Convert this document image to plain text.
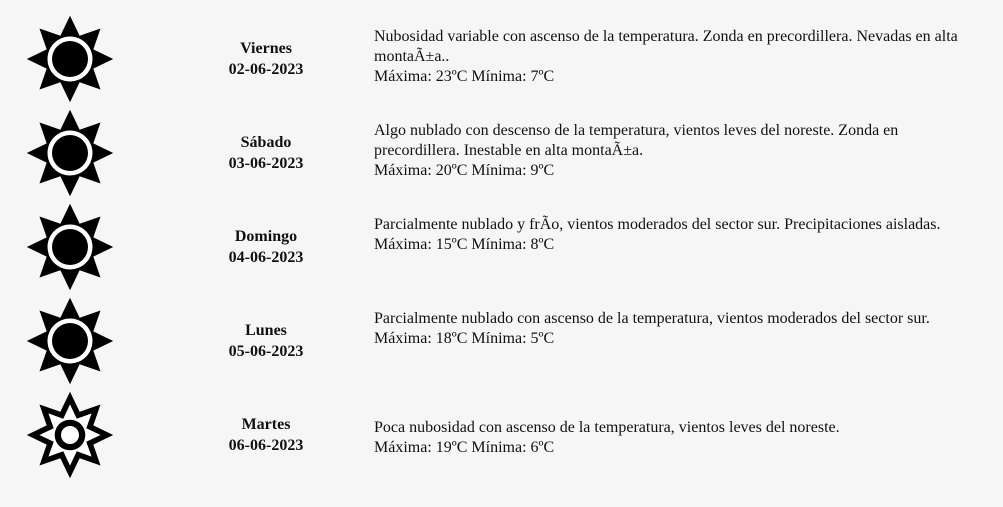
Viernes
02-06-2023
Nubosidad variable con ascenso de la temperatura. Zonda en precordillera. Nevadas en alta montaÃ±a..
Máxima: 23ºC Mínima: 7ºC
Sábado
03-06-2023
Algo nublado con descenso de la temperatura, vientos leves del noreste. Zonda en precordillera. Inestable en alta montaÃ±a.
Máxima: 20ºC Mínima: 9ºC
Domingo
04-06-2023
Parcialmente nublado y frÃo, vientos moderados del sector sur. Precipitaciones aisladas.
Máxima: 15ºC Mínima: 8ºC
Lunes
05-06-2023
Parcialmente nublado con ascenso de la temperatura, vientos moderados del sector sur.
Máxima: 18ºC Mínima: 5ºC
Martes
06-06-2023
Poca nubosidad con ascenso de la temperatura, vientos leves del noreste.
Máxima: 19ºC Mínima: 6ºC
